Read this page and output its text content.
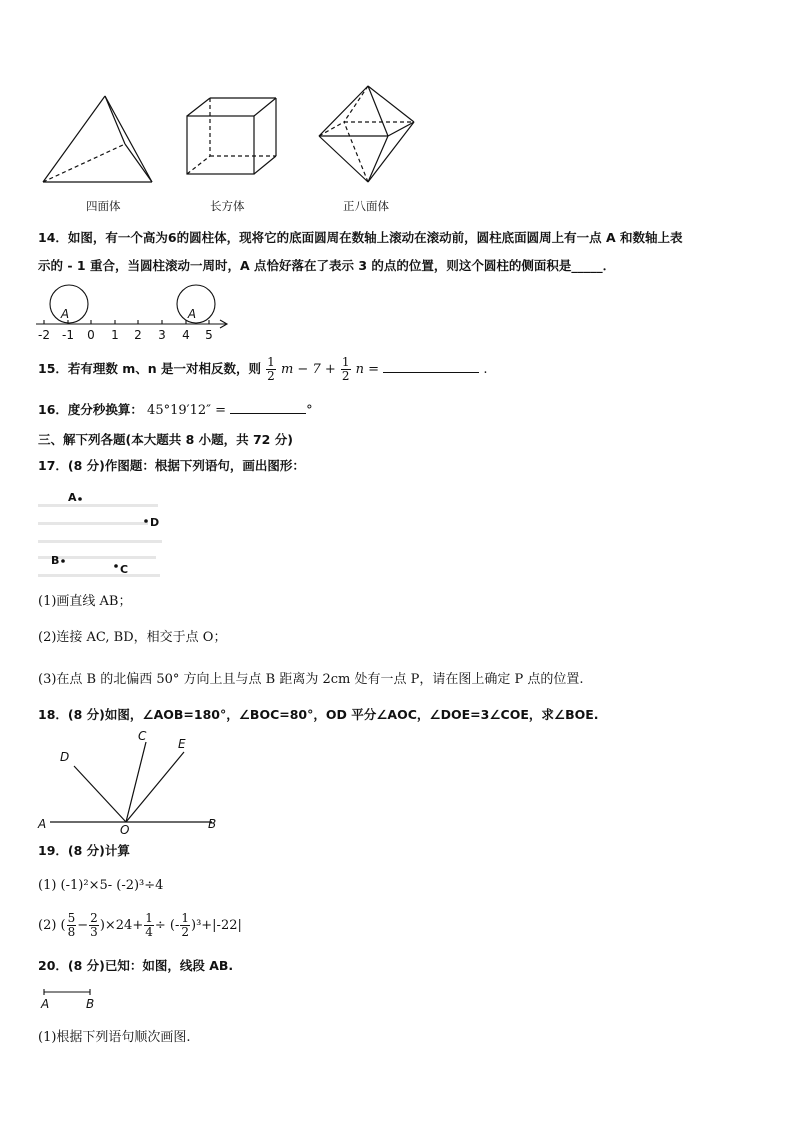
四面体	长方体	正八面体
14．如图，有一个高为6的圆柱体，现将它的底面圆周在数轴上滚动在滚动前，圆柱底面圆周上有一点 A 和数轴上表
示的 - 1 重合，当圆柱滚动一周时，A 点恰好落在了表示 3 的点的位置，则这个圆柱的侧面积是_____．
A	A
-2 -1 0 1 2 3 4 5
15．若有理数 m、n 是一对相反数，则 $\frac{1}{2}$ $m - 7 + \frac{1}{2}$ n =	.
16．度分秒换算： 45°19′12″ =	°
三、解下列各题(本大题共 8 小题，共 72 分)
17．(8 分)作图题：根据下列语句，画出图形：
A
D
B
C
(1)画直线 AB；
(2)连接 AC, BD，相交于点 O；
(3)在点 B 的北偏西 50° 方向上且与点 B 距离为 2cm 处有一点 P，请在图上确定 P 点的位置.
18．(8 分)如图，∠AOB=180°，∠BOC=80°，OD 平分∠AOC，∠DOE=3∠COE，求∠BOE.
A	O	B
C
D
E
19．(8 分)计算
(1) (-1)²×5- (-2)³÷4
(2) ( $\frac{5}{8} - \frac{2}{3} )\times 24+ \frac{1}{4}$ ÷ (- $\frac{1}{2} )^3+|-22|$
20．(8 分)已知：如图，线段 AB.
A	B
(1)根据下列语句顺次画图.
